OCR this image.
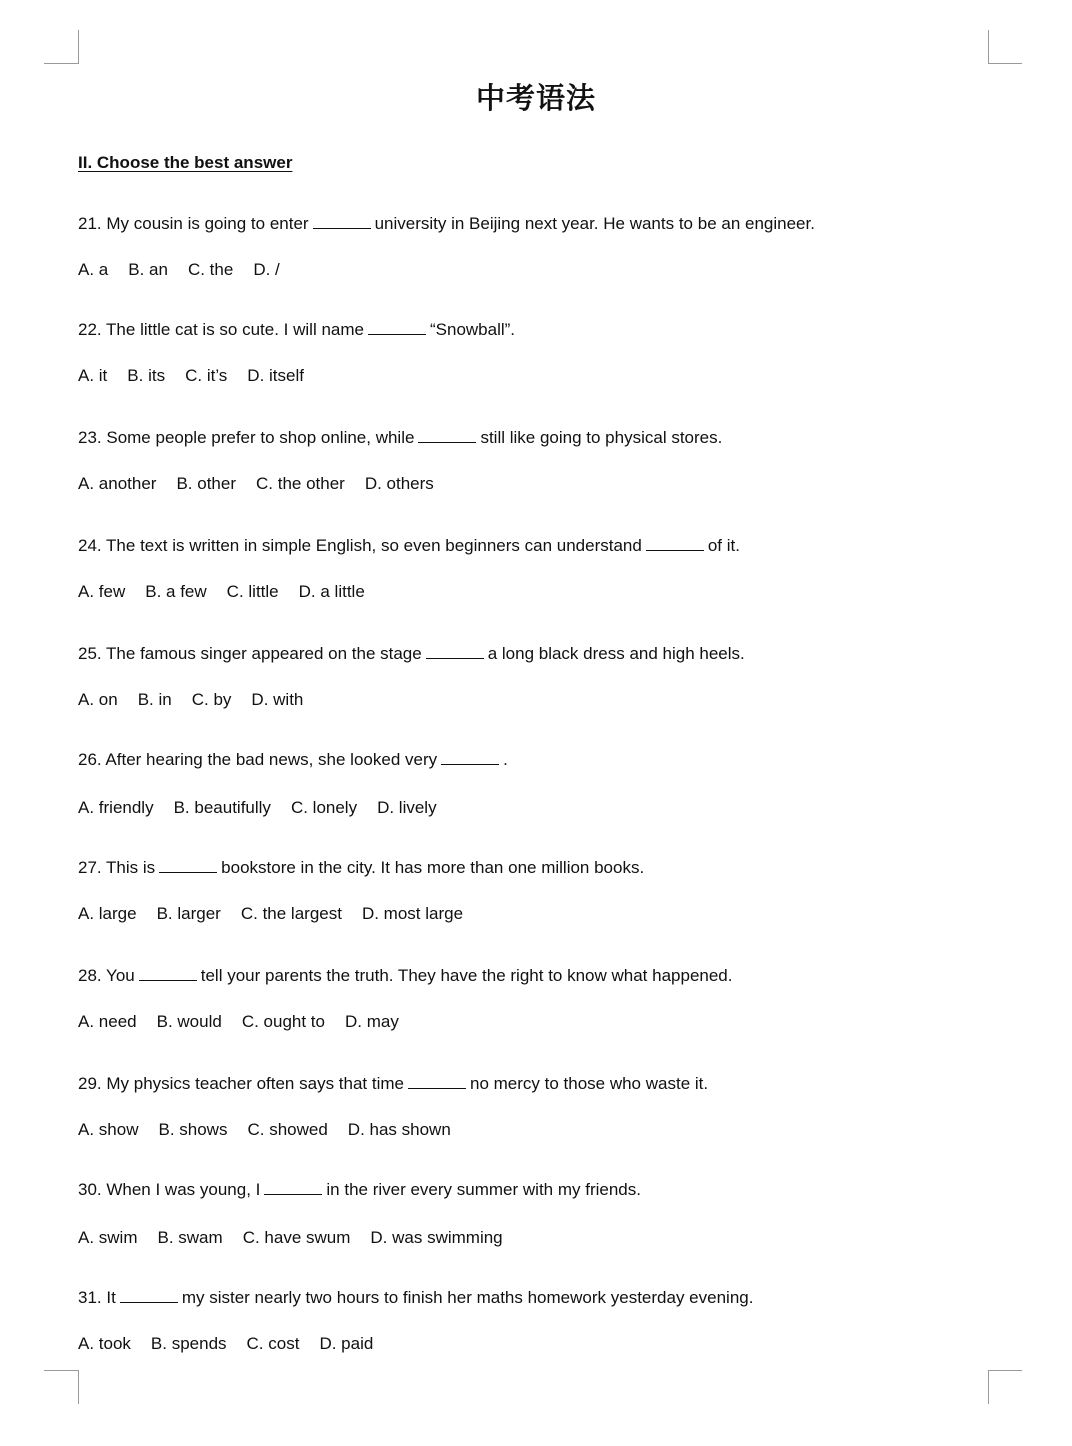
中考语法
II. Choose the best answer
21. My cousin is going to enter	university in Beijing next year. He wants to be an engineer.
A. a B. an C. the D. /
22. The little cat is so cute. I will name	“Snowball”.
A. it B. its C. it’s D. itself
23. Some people prefer to shop online, while	still like going to physical stores.
A. another B. other C. the other D. others
24. The text is written in simple English, so even beginners can understand	of it.
A. few B. a few C. little D. a little
25. The famous singer appeared on the stage	a long black dress and high heels.
A. on B. in C. by D. with
26. After hearing the bad news, she looked very	.
A. friendly B. beautifully C. lonely D. lively
27. This is	bookstore in the city. It has more than one million books.
A. large B. larger C. the largest D. most large
28. You	tell your parents the truth. They have the right to know what happened.
A. need B. would C. ought to D. may
29. My physics teacher often says that time	no mercy to those who waste it.
A. show B. shows C. showed D. has shown
30. When I was young, I	in the river every summer with my friends.
A. swim B. swam C. have swum D. was swimming
31. It	my sister nearly two hours to finish her maths homework yesterday evening.
A. took B. spends C. cost D. paid
